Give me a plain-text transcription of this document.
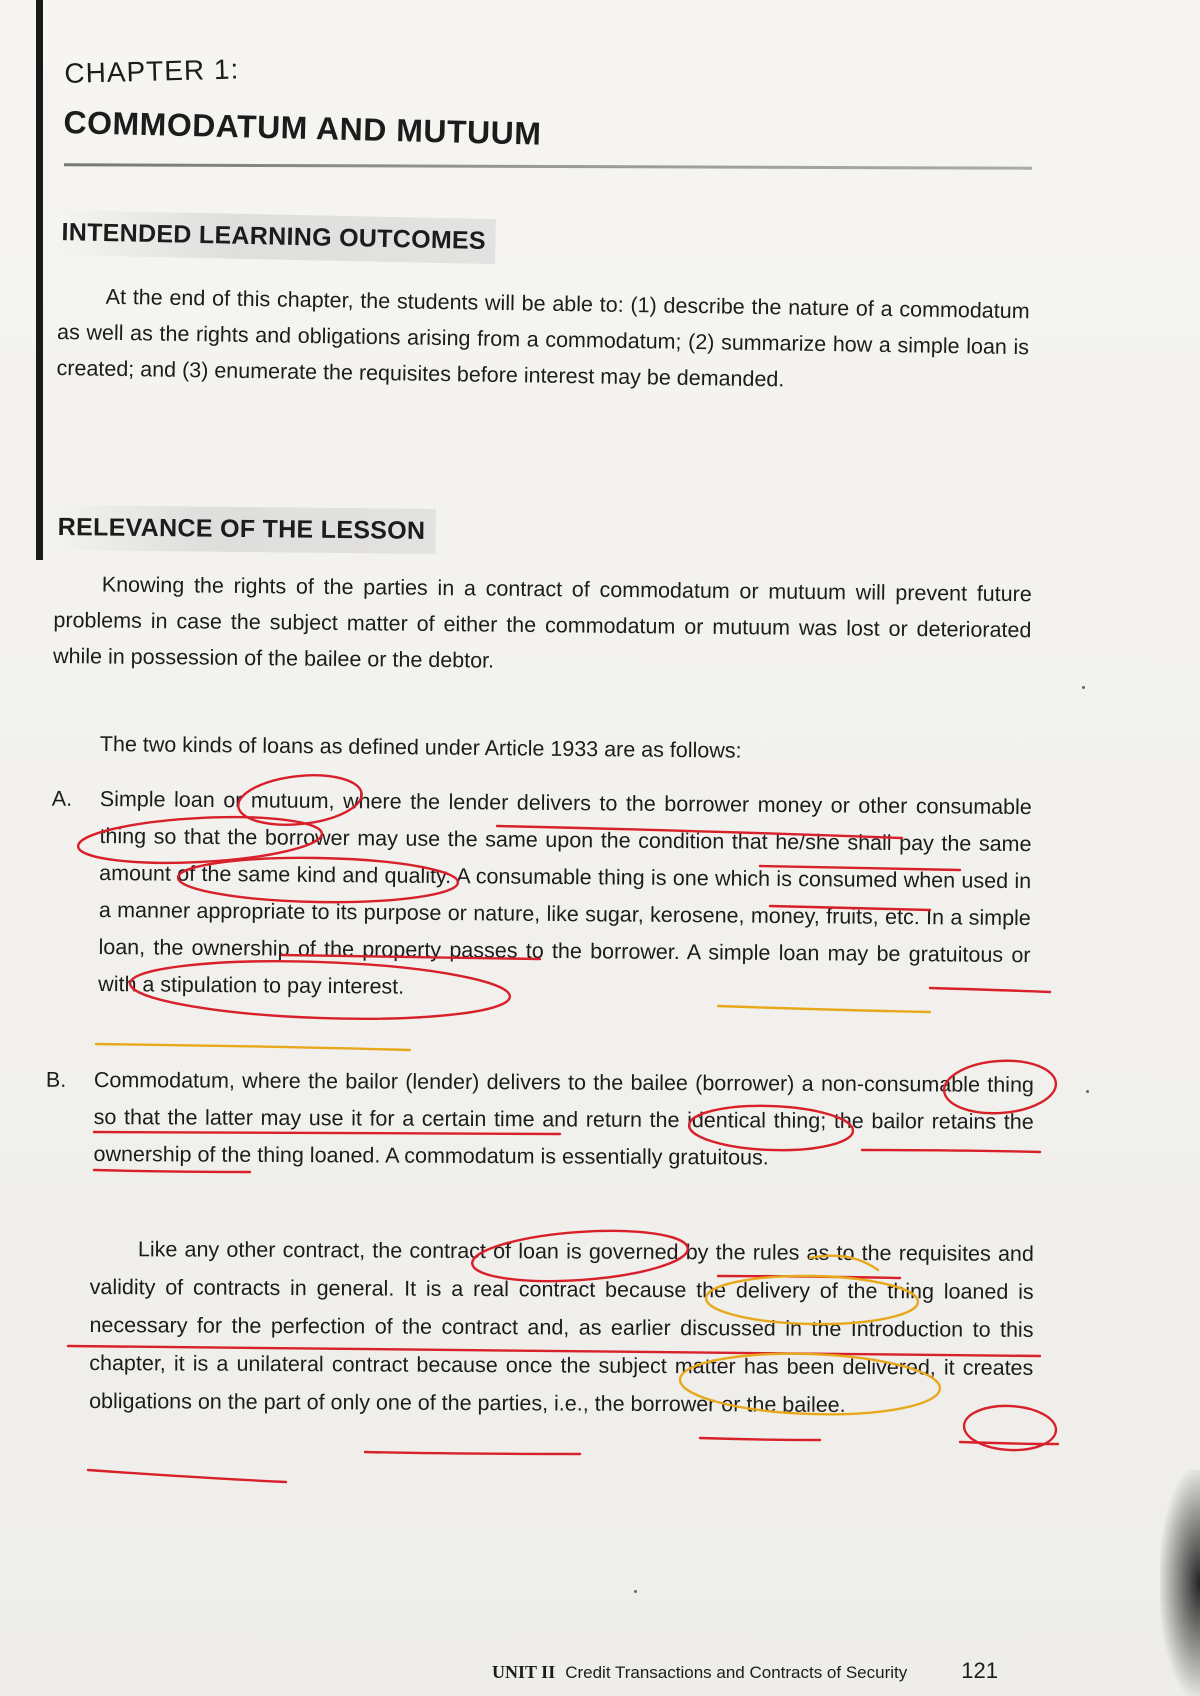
CHAPTER 1:
COMMODATUM AND MUTUUM
INTENDED LEARNING OUTCOMES
At the end of this chapter, the students will be able to: (1) describe the nature of a commodatum as well as the rights and obligations arising from a commodatum; (2) summarize how a simple loan is created; and (3) enumerate the requisites before interest may be demanded.
RELEVANCE OF THE LESSON
Knowing the rights of the parties in a contract of commodatum or mutuum will prevent future problems in case the subject matter of either the commodatum or mutuum was lost or deteriorated while in possession of the bailee or the debtor.
The two kinds of loans as defined under Article 1933 are as follows:
A. Simple loan or mutuum, where the lender delivers to the borrower money or other consumable thing so that the borrower may use the same upon the condition that he/she shall pay the same amount of the same kind and quality. A consumable thing is one which is consumed when used in a manner appropriate to its purpose or nature, like sugar, kerosene, money, fruits, etc. In a simple loan, the ownership of the property passes to the borrower. A simple loan may be gratuitous or with a stipulation to pay interest.
B. Commodatum, where the bailor (lender) delivers to the bailee (borrower) a non-consumable thing so that the latter may use it for a certain time and return the identical thing; the bailor retains the ownership of the thing loaned. A commodatum is essentially gratuitous.
Like any other contract, the contract of loan is governed by the rules as to the requisites and validity of contracts in general. It is a real contract because the delivery of the thing loaned is necessary for the perfection of the contract and, as earlier discussed in the Introduction to this chapter, it is a unilateral contract because once the subject matter has been delivered, it creates obligations on the part of only one of the parties, i.e., the borrower or the bailee.
UNIT II Credit Transactions and Contracts of Security 121
